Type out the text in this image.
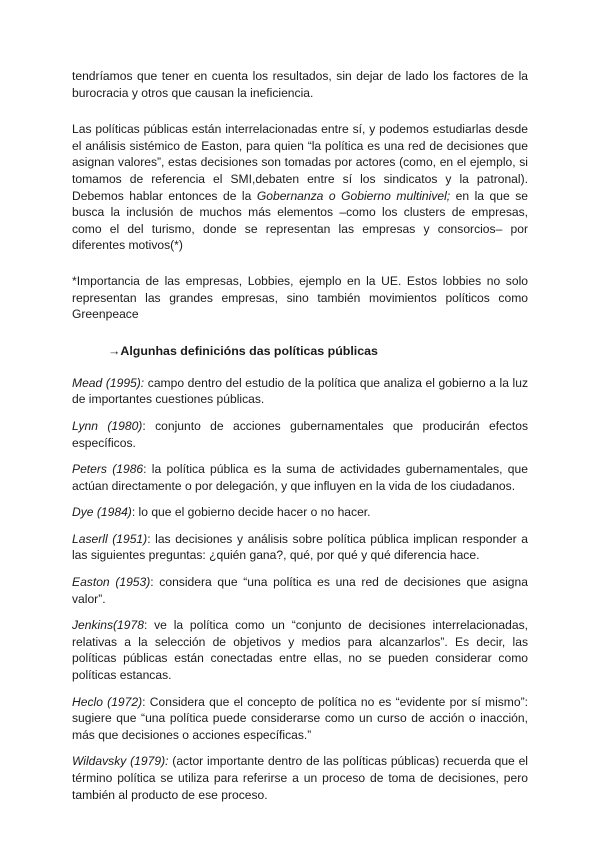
tendríamos que tener en cuenta los resultados, sin dejar de lado los factores de la burocracia y otros que causan la ineficiencia.

Las políticas públicas están interrelacionadas entre sí, y podemos estudiarlas desde el análisis sistémico de Easton, para quien “la política es una red de decisiones que asignan valores”, estas decisiones son tomadas por actores (como, en el ejemplo, si tomamos de referencia el SMI,debaten entre sí los sindicatos y la patronal). Debemos hablar entonces de la Gobernanza o Gobierno multinivel; en la que se busca la inclusión de muchos más elementos –como los clusters de empresas, como el del turismo, donde se representan las empresas y consorcios– por diferentes motivos(*)

*Importancia de las empresas, Lobbies, ejemplo en la UE. Estos lobbies no solo representan las grandes empresas, sino también movimientos políticos como Greenpeace

→Algunhas definicións das políticas públicas

Mead (1995): campo dentro del estudio de la política que analiza el gobierno a la luz de importantes cuestiones públicas.

Lynn (1980): conjunto de acciones gubernamentales que producirán efectos específicos.

Peters (1986: la política pública es la suma de actividades gubernamentales, que actúan directamente o por delegación, y que influyen en la vida de los ciudadanos.

Dye (1984): lo que el gobierno decide hacer o no hacer.

Laserll (1951): las decisiones y análisis sobre política pública implican responder a las siguientes preguntas: ¿quién gana?, qué, por qué y qué diferencia hace.

Easton (1953): considera que “una política es una red de decisiones que asigna valor”.

Jenkins(1978: ve la política como un “conjunto de decisiones interrelacionadas, relativas a la selección de objetivos y medios para alcanzarlos”. Es decir, las políticas públicas están conectadas entre ellas, no se pueden considerar como políticas estancas.

Heclo (1972): Considera que el concepto de política no es “evidente por sí mismo”: sugiere que “una política puede considerarse como un curso de acción o inacción, más que decisiones o acciones específicas.”

Wildavsky (1979): (actor importante dentro de las políticas públicas) recuerda que el término política se utiliza para referirse a un proceso de toma de decisiones, pero también al producto de ese proceso.
